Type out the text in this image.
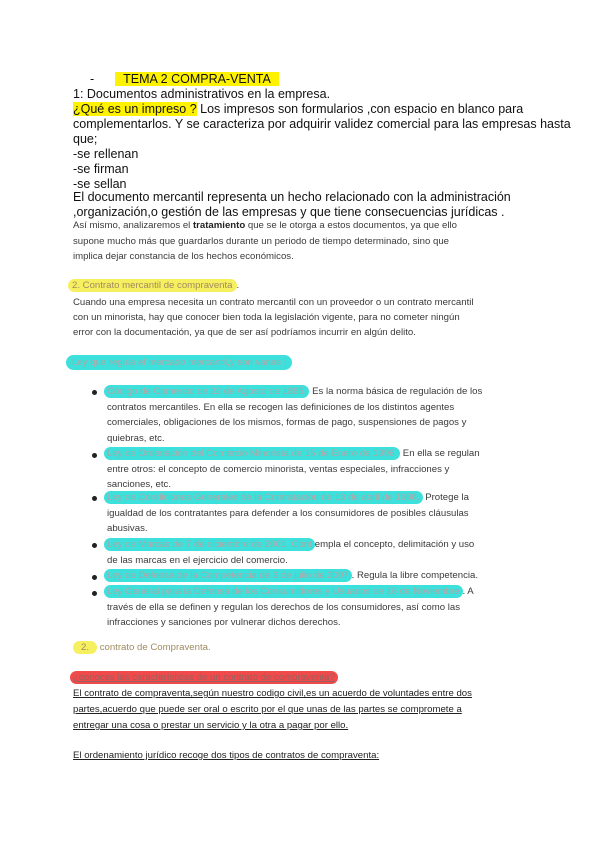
- TEMA 2 COMPRA-VENTA
1: Documentos administrativos en la empresa.
¿Qué es un impreso ? Los impresos son formularios ,con espacio en blanco para
complementarlos. Y se caracteriza por adquirir validez comercial para las empresas hasta
que;
-se rellenan
-se firman
-se sellan
El documento mercantil representa un hecho relacionado con la administración
,organización,o gestión de las empresas y que tiene consecuencias jurídicas .
Así mismo, analizaremos el tratamiento que se le otorga a estos documentos, ya que ello
supone mucho más que guardarlos durante un periodo de tiempo determinado, sino que
implica dejar constancia de los hechos económicos.
2. Contrato mercantil de compraventa .
Cuando una empresa necesita un contrato mercantil con un proveedor o un contrato mercantil
con un minorista, hay que conocer bien toda la legislación vigente, para no cometer ningún
error con la documentación, ya que de ser así podríamos incurrir en algún delito.
Ley que regula el mercado mercantil,y son varias :
Código de Comercio de 22 de Agosto de 1885. Es la norma básica de regulación de los
contratos mercantiles. En ella se recogen las definiciones de los distintos agentes
comerciales, obligaciones de los mismos, formas de pago, suspensiones de pagos y
quiebras, etc.
Ley de Ordenación del Comercio Minorista de 15 de Enero de 1996. En ella se regulan
entre otros: el concepto de comercio minorista, ventas especiales, infracciones y
sanciones, etc.
Ley de Condiciones Generales de la Contratación de 13 de abril de 1998. Protege la
igualdad de los contratantes para defender a los consumidores de posibles cláusulas
abusivas.
Ley de Marcas de 7 de diciembre de 2001. Cont empla el concepto, delimitación y uso
de las marcas en el ejercicio del comercio.
Ley de Defensa de la Competencia de 3 de julio de 2007 . Regula la libre competencia.
Ley General para la Defensa de los Consumidores y Usuarios de 16 de Noviembre . A
través de ella se definen y regulan los derechos de los consumidores, así como las
infracciones y sanciones por vulnerar dichos derechos.
2. contrato de Compraventa.
¿conoces las características de un contrato de compraventa?
El contrato de compraventa,según nuestro codigo civil,es un acuerdo de voluntades entre dos
partes,acuerdo que puede ser oral o escrito por el que unas de las partes se compromete a
entregar una cosa o prestar un servicio y la otra a pagar por ello.
El ordenamiento jurídico recoge dos tipos de contratos de compraventa:
